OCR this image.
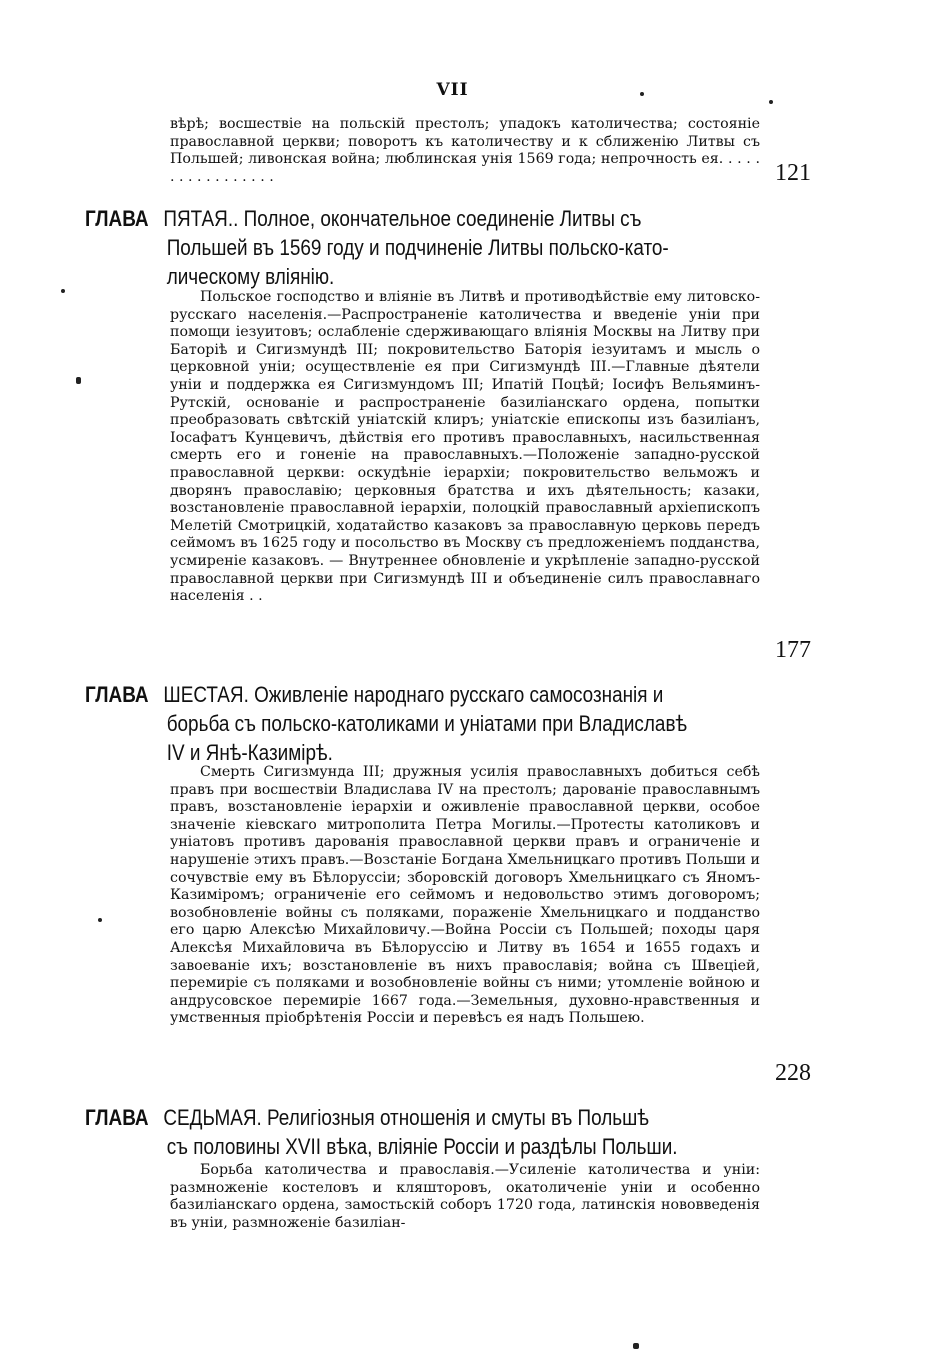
VII

вѣрѣ; восшествіе на польскій престолъ; упадокъ католичества; состояніе православной церкви; поворотъ къ католичеству и к сближенію Литвы съ Польшей; ливонская война; люблинская унія 1569 года; непрочность ея. . . . . . . . . . . . . . . . .	121
ГЛАВА ПЯТАЯ.. Полное, окончательное соединеніе Литвы съ
Польшей въ 1569 году и подчиненіе Литвы польско-като-
лическому вліянію.

Польское господство и вліяніе въ Литвѣ и противодѣйствіе ему литовско-русскаго населенія.—Распространеніе католичества и введеніе уніи при помощи іезуитовъ; ослабленіе сдерживающаго вліянія Москвы на Литву при Баторіѣ и Сигизмундѣ III; покровительство Баторія іезуитамъ и мысль о церковной уніи; осуществленіе ея при Сигизмундѣ III.—Главные дѣятели уніи и поддержка ея Сигизмундомъ III; Ипатій Поцѣй; Іосифъ Вельяминъ-Рутскій, основаніе и распространеніе базиліанскаго ордена, попытки преобразовать свѣтскій уніатскій клиръ; уніатскіе епископы изъ базиліанъ, Іосафатъ Кунцевичъ, дѣйствія его противъ православныхъ, насильственная смерть его и гоненіе на православныхъ.—Положеніе западно-русской православной церкви: оскудѣніе іерархіи; покровительство вельможъ и дворянъ православію; церковныя братства и ихъ дѣятельность; казаки, возстановленіе православной іерархіи, полоцкій православный архіепископъ Мелетій Смотрицкій, ходатайство казаковъ за православную церковь передъ сеймомъ въ 1625 году и посольство въ Москву съ предложеніемъ подданства, усмиреніе казаковъ. — Внутреннее обновленіе и укрѣпленіе западно-русской православной церкви при Сигизмундѣ III и объединеніе силъ православнаго населенія . .

177
ГЛАВА ШЕСТАЯ. Оживленіе народнаго русскаго самосознанія и
борьба съ польско-католиками и уніатами при Владиславѣ
IV и Янѣ-Казимірѣ.

Смерть Сигизмунда III; дружныя усилія православныхъ добиться себѣ правъ при восшествіи Владислава IV на престолъ; дарованіе православнымъ правъ, возстановленіе іерархіи и оживленіе православной церкви, особое значеніе кіевскаго митрополита Петра Могилы.—Протесты католиковъ и уніатовъ противъ дарованія православной церкви правъ и ограниченіе и нарушеніе этихъ правъ.—Возстаніе Богдана Хмельницкаго противъ Польши и сочувствіе ему въ Бѣлоруссіи; зборовскій договоръ Хмельницкаго съ Яномъ-Казиміромъ; ограниченіе его сеймомъ и недовольство этимъ договоромъ; возобновленіе войны съ поляками, пораженіе Хмельницкаго и подданство его царю Алексѣю Михайловичу.—Война Россіи съ Польшей; походы царя Алексѣя Михайловича въ Бѣлоруссію и Литву въ 1654 и 1655 годахъ и завоеваніе ихъ; возстановленіе въ нихъ православія; война съ Швеціей, перемиріе съ поляками и возобновленіе войны съ ними; утомленіе войною и андрусовское перемиріе 1667 года.—Земельныя, духовно-нравственныя и умственныя пріобрѣтенія Россіи и перевѣсъ ея надъ Польшею.

228
ГЛАВА СЕДЬМАЯ. Религіозныя отношенія и смуты въ Польшѣ
съ половины XVII вѣка, вліяніе Россіи и раздѣлы Польши.

Борьба католичества и православія.—Усиленіе католичества и уніи: размноженіе костеловъ и кляшторовъ, окатоличеніе уніи и особенно базиліанскаго ордена, замостьскій соборъ 1720 года, латинскія нововведенія въ уніи, размноженіе базиліан-
